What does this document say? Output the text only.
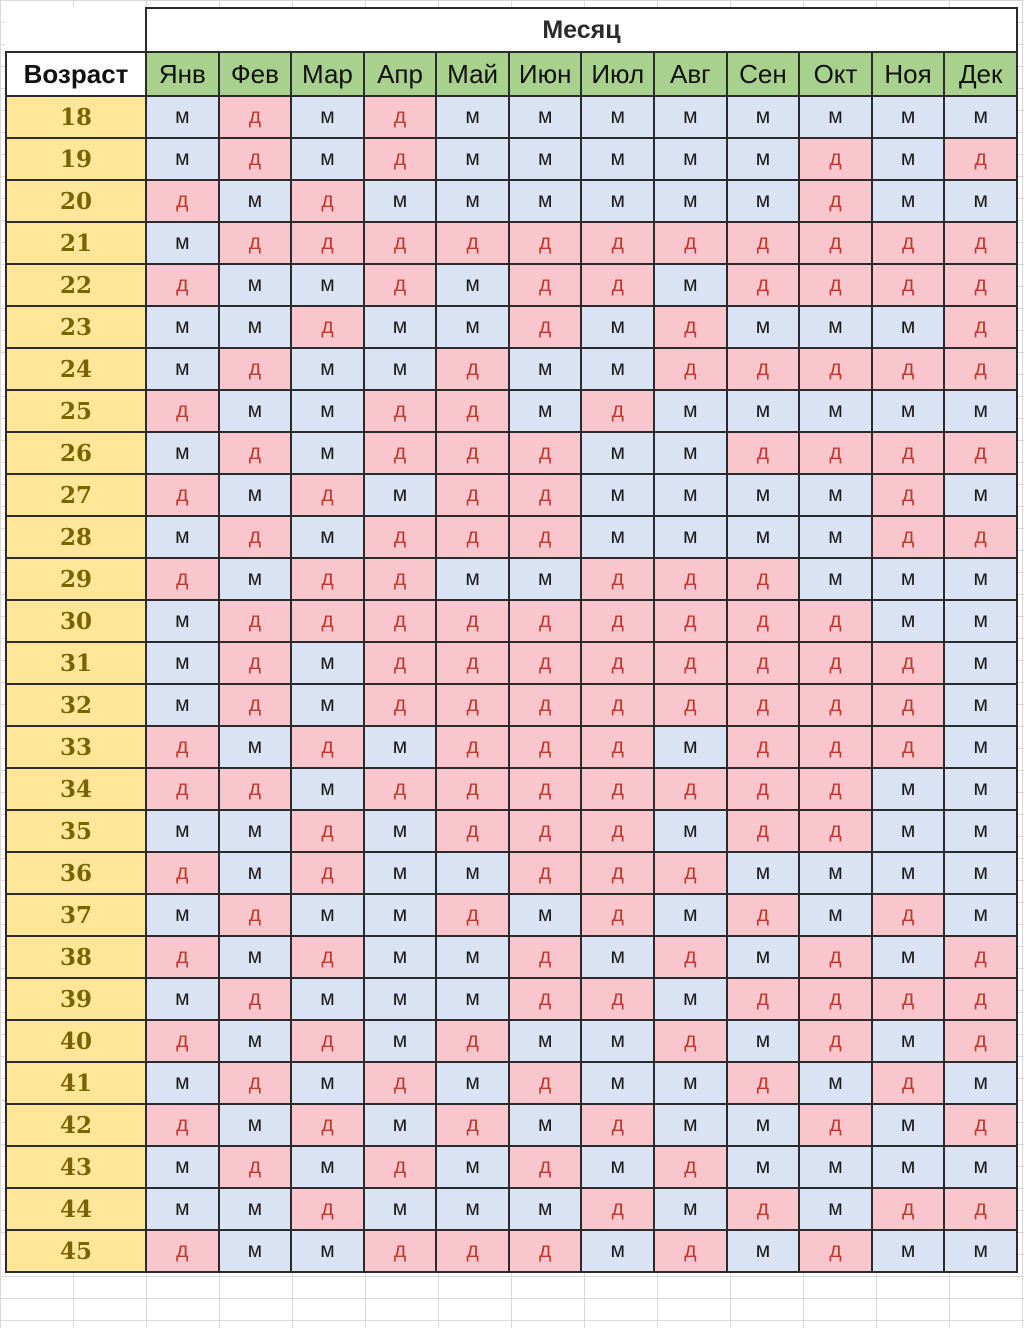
	Месяц											
Возраст	Янв	Фев	Мар	Апр	Май	Июн	Июл	Авг	Сен	Окт	Ноя	Дек
18	м	д	м	д	м	м	м	м	м	м	м	м
19	м	д	м	д	м	м	м	м	м	д	м	д
20	д	м	д	м	м	м	м	м	м	д	м	м
21	м	д	д	д	д	д	д	д	д	д	д	д
22	д	м	м	д	м	д	д	м	д	д	д	д
23	м	м	д	м	м	д	м	д	м	м	м	д
24	м	д	м	м	д	м	м	д	д	д	д	д
25	д	м	м	д	д	м	д	м	м	м	м	м
26	м	д	м	д	д	д	м	м	д	д	д	д
27	д	м	д	м	д	д	м	м	м	м	д	м
28	м	д	м	д	д	д	м	м	м	м	д	д
29	д	м	д	д	м	м	д	д	д	м	м	м
30	м	д	д	д	д	д	д	д	д	д	м	м
31	м	д	м	д	д	д	д	д	д	д	д	м
32	м	д	м	д	д	д	д	д	д	д	д	м
33	д	м	д	м	д	д	д	м	д	д	д	м
34	д	д	м	д	д	д	д	д	д	д	м	м
35	м	м	д	м	д	д	д	м	д	д	м	м
36	д	м	д	м	м	д	д	д	м	м	м	м
37	м	д	м	м	д	м	д	м	д	м	д	м
38	д	м	д	м	м	д	м	д	м	д	м	д
39	м	д	м	м	м	д	д	м	д	д	д	д
40	д	м	д	м	д	м	м	д	м	д	м	д
41	м	д	м	д	м	д	м	м	д	м	д	м
42	д	м	д	м	д	м	д	м	м	д	м	д
43	м	д	м	д	м	д	м	д	м	м	м	м
44	м	м	д	м	м	м	д	м	д	м	д	д
45	д	м	м	д	д	д	м	д	м	д	м	м
